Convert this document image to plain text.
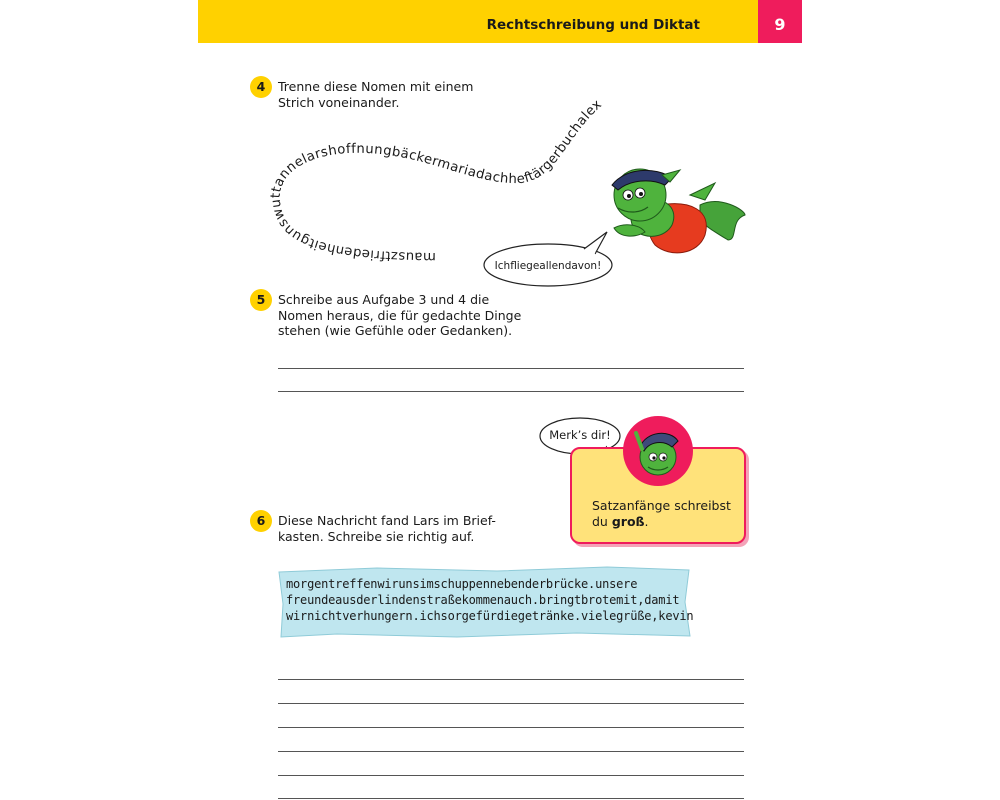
Rechtschreibung und Diktat	9
4	Trenne diese Nomen mit einem
Strich voneinander.
mausztfriedenheitgunswuttannelarshoffnungbäckermariadachheftärgerbuchalex
Ichfliegeallendavon!
5	Schreibe aus Aufgabe 3 und 4 die
Nomen heraus, die für gedachte Dinge
stehen (wie Gefühle oder Gedanken).
Merk’s dir!
Satzanfänge schreibst
du groß.
6	Diese Nachricht fand Lars im Brief-
kasten. Schreibe sie richtig auf.
morgentreffenwirunsimschuppennebenderbrücke.unsere
freundeausderlindenstraßekommenauch.bringtbrotemit,damit
wirnichtverhungern.ichsorgefürdiegetränke.vielegrüße,kevin
